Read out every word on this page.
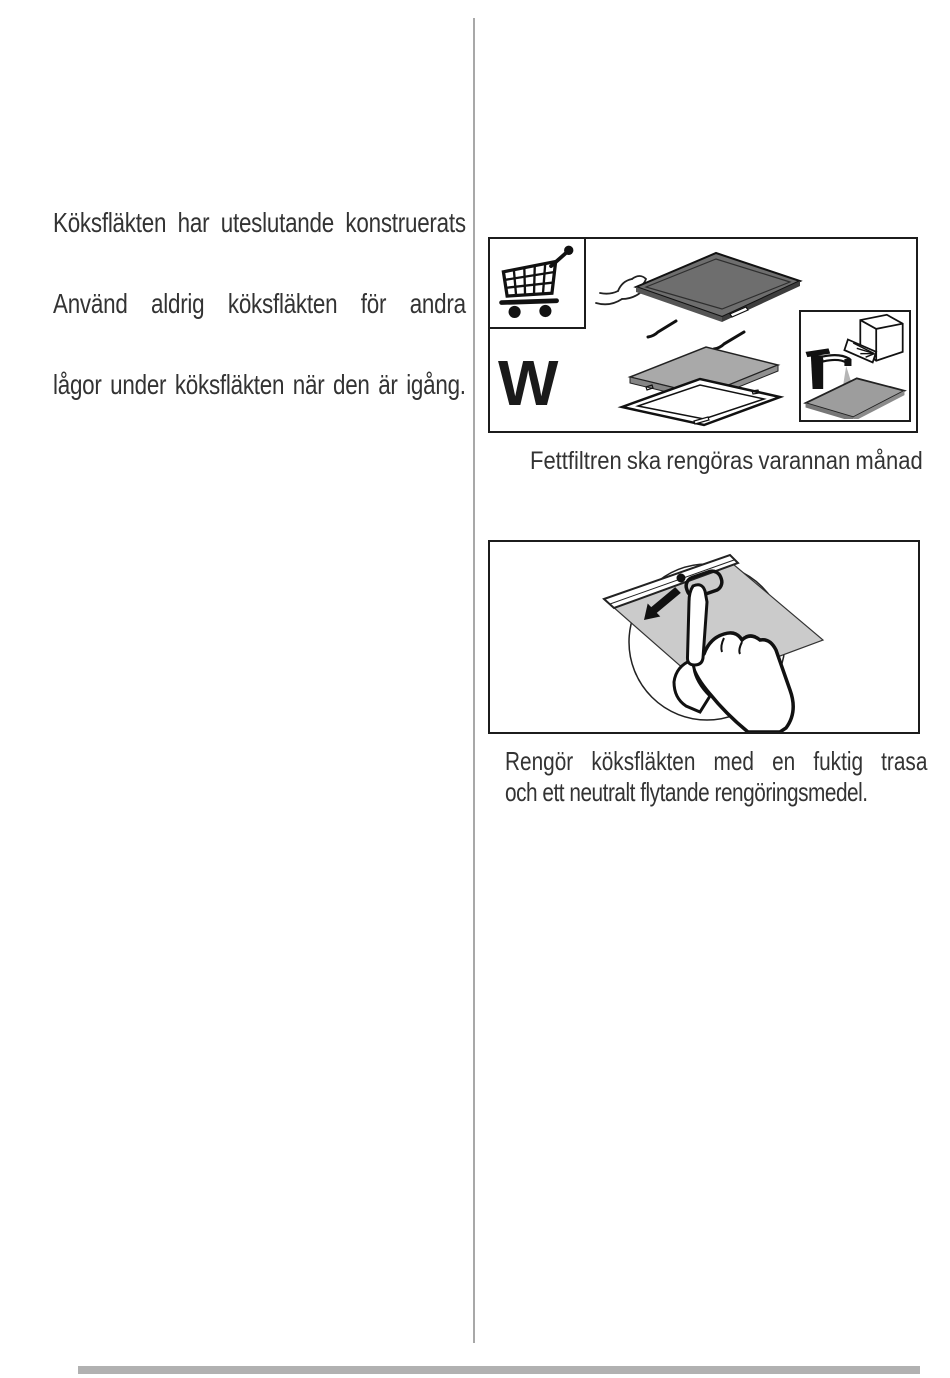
Köksfläkten har uteslutande konstruerats
Använd aldrig köksfläkten för andra
lågor under köksfläkten när den är igång. W
Fettfiltren ska rengöras varannan månad
Rengör köksfläkten med en fuktig trasa
och ett neutralt flytande rengöringsmedel.
